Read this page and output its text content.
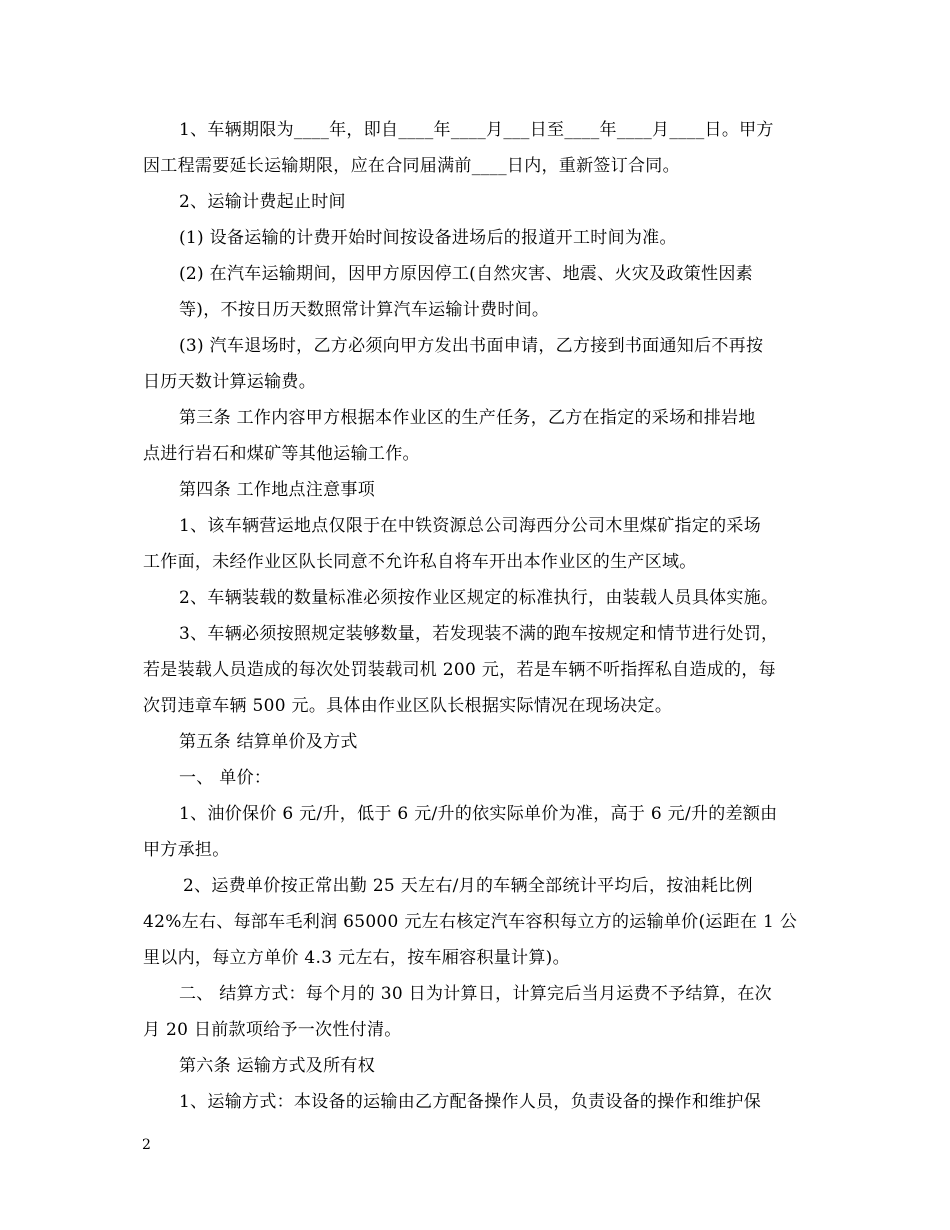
1、车辆期限为____年，即自____年____月___日至____年____月____日。甲方
因工程需要延长运输期限，应在合同届满前____日内，重新签订合同。
2、运输计费起止时间
(1) 设备运输的计费开始时间按设备进场后的报道开工时间为准。
(2) 在汽车运输期间，因甲方原因停工(自然灾害、地震、火灾及政策性因素
等)，不按日历天数照常计算汽车运输计费时间。
(3) 汽车退场时，乙方必须向甲方发出书面申请，乙方接到书面通知后不再按
日历天数计算运输费。
第三条 工作内容甲方根据本作业区的生产任务，乙方在指定的采场和排岩地
点进行岩石和煤矿等其他运输工作。
第四条 工作地点注意事项
1、该车辆营运地点仅限于在中铁资源总公司海西分公司木里煤矿指定的采场
工作面，未经作业区队长同意不允许私自将车开出本作业区的生产区域。
2、车辆装载的数量标准必须按作业区规定的标准执行，由装载人员具体实施。
3、车辆必须按照规定装够数量，若发现装不满的跑车按规定和情节进行处罚，
若是装载人员造成的每次处罚装载司机 200 元，若是车辆不听指挥私自造成的，每
次罚违章车辆 500 元。具体由作业区队长根据实际情况在现场决定。
第五条 结算单价及方式
一、 单价：
1、油价保价 6 元/升，低于 6 元/升的依实际单价为准，高于 6 元/升的差额由
甲方承担。
2、运费单价按正常出勤 25 天左右/月的车辆全部统计平均后，按油耗比例
42%左右、每部车毛利润 65000 元左右核定汽车容积每立方的运输单价(运距在 1 公
里以内，每立方单价 4.3 元左右，按车厢容积量计算)。
二、 结算方式：每个月的 30 日为计算日，计算完后当月运费不予结算，在次
月 20 日前款项给予一次性付清。
第六条 运输方式及所有权
1、运输方式：本设备的运输由乙方配备操作人员，负责设备的操作和维护保
2
